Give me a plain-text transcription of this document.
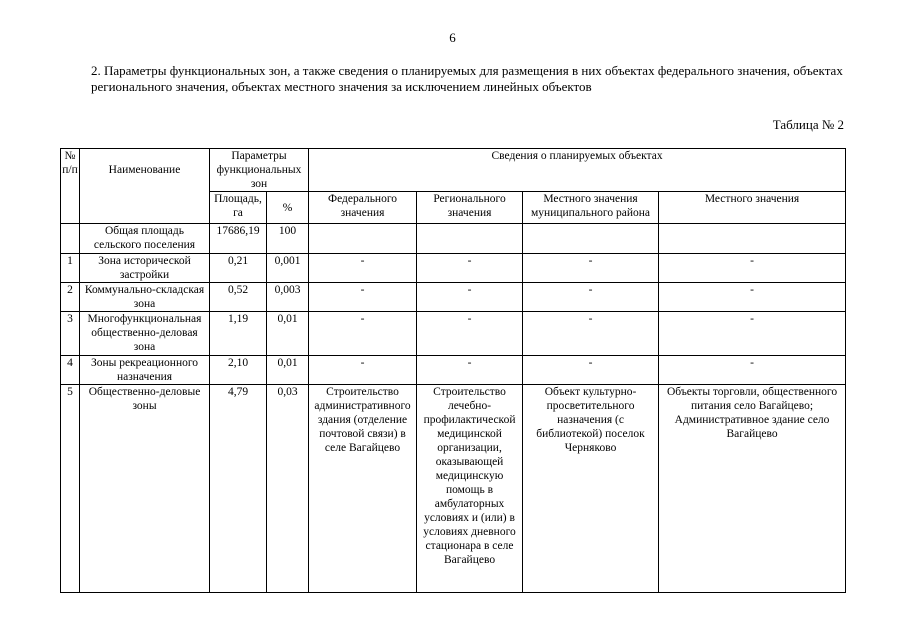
6
2. Параметры функциональных зон, а также сведения о планируемых для размещения в них объектах федерального значения, объектах регионального значения, объектах местного значения за исключением линейных объектов
Таблица № 2
№ п/п	Наименование	Параметры функциональных зон		Сведения о планируемых объектах			
		Площадь, га	%	Федерального значения	Регионального значения	Местного значения муниципального района	Местного значения
	Общая площадь сельского поселения	17686,19	100				
1	Зона исторической застройки	0,21	0,001	-	-	-	-
2	Коммунально-складская зона	0,52	0,003	-	-	-	-
3	Многофункциональная общественно-деловая зона	1,19	0,01	-	-	-	-
4	Зоны рекреационного назначения	2,10	0,01	-	-	-	-
5	Общественно-деловые зоны	4,79	0,03	Строительство административного здания (отделение почтовой связи) в селе Вагайцево	Строительство лечебно-профилактической медицинской организации, оказывающей медицинскую помощь в амбулаторных условиях и (или) в условиях дневного стационара в селе Вагайцево	Объект культурно-просветительного назначения (с библиотекой) поселок Черняково	Объекты торговли, общественного питания село Вагайцево; Административное здание село Вагайцево
